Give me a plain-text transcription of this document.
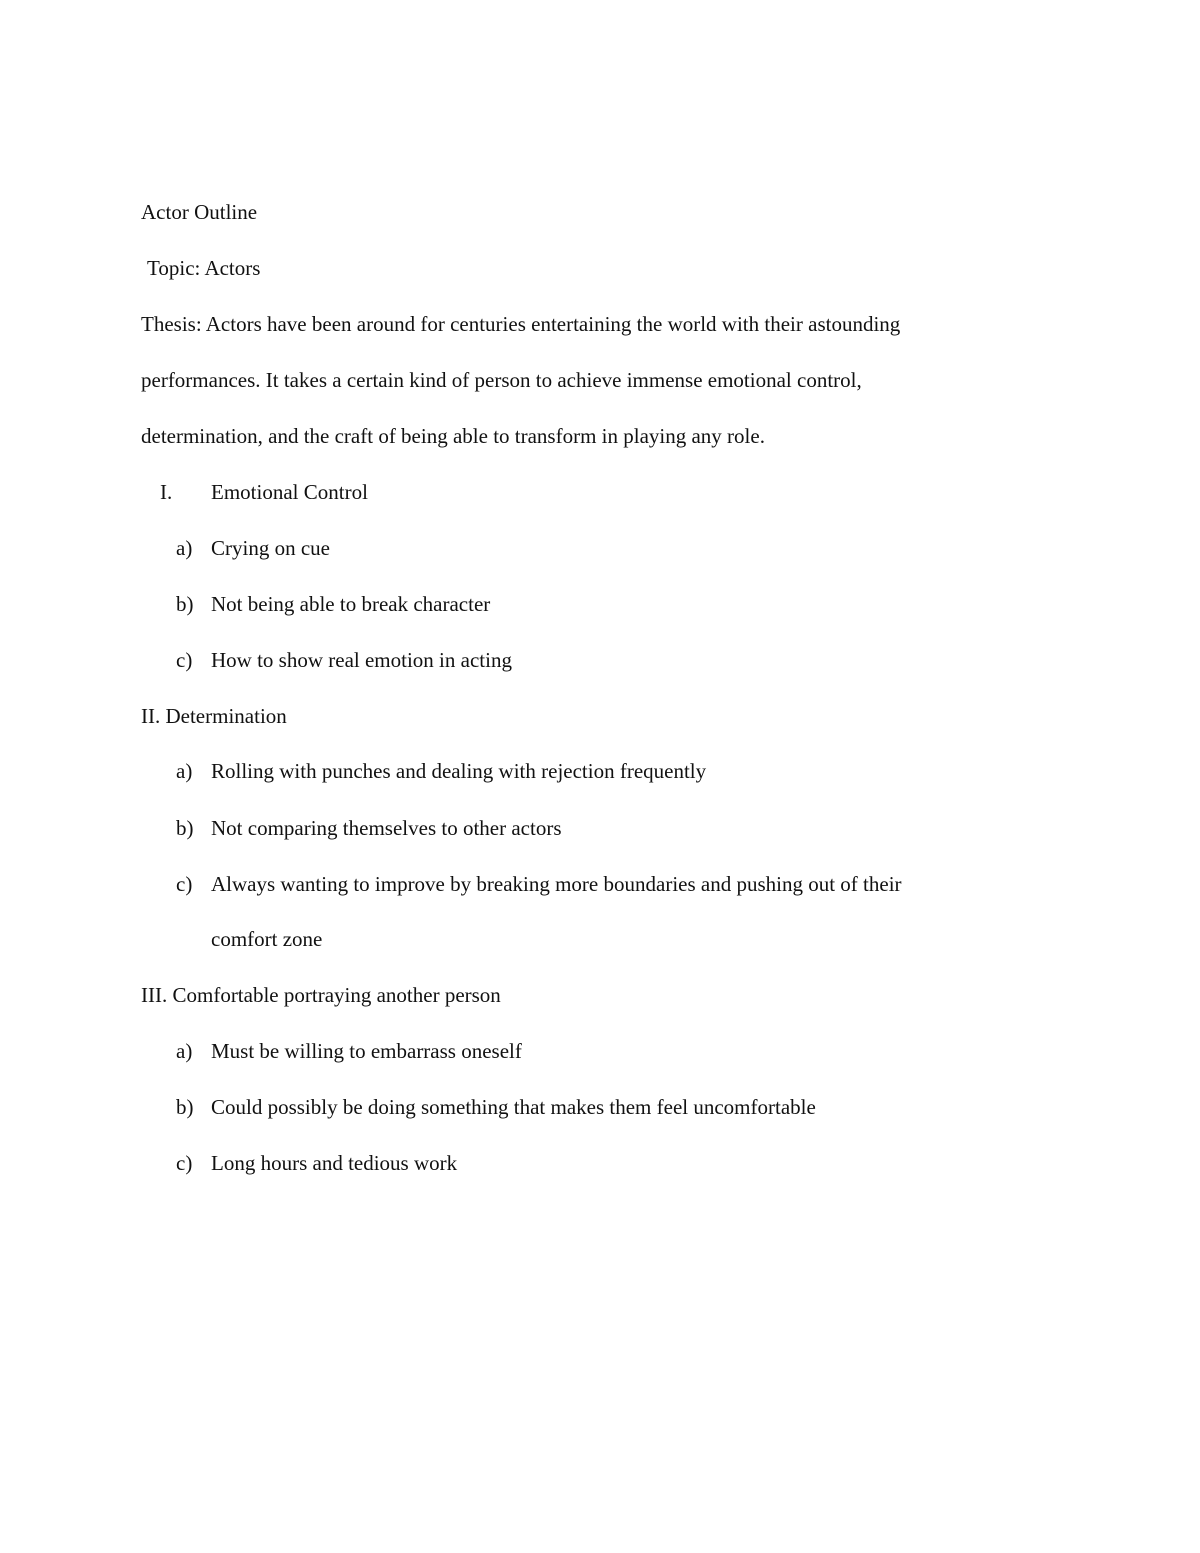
Actor Outline
Topic: Actors
Thesis: Actors have been around for centuries entertaining the world with their astounding
performances. It takes a certain kind of person to achieve immense emotional control,
determination, and the craft of being able to transform in playing any role.
I. Emotional Control
a) Crying on cue
b) Not being able to break character
c) How to show real emotion in acting
II. Determination
a) Rolling with punches and dealing with rejection frequently
b) Not comparing themselves to other actors
c) Always wanting to improve by breaking more boundaries and pushing out of their
comfort zone
III. Comfortable portraying another person
a) Must be willing to embarrass oneself
b) Could possibly be doing something that makes them feel uncomfortable
c) Long hours and tedious work
